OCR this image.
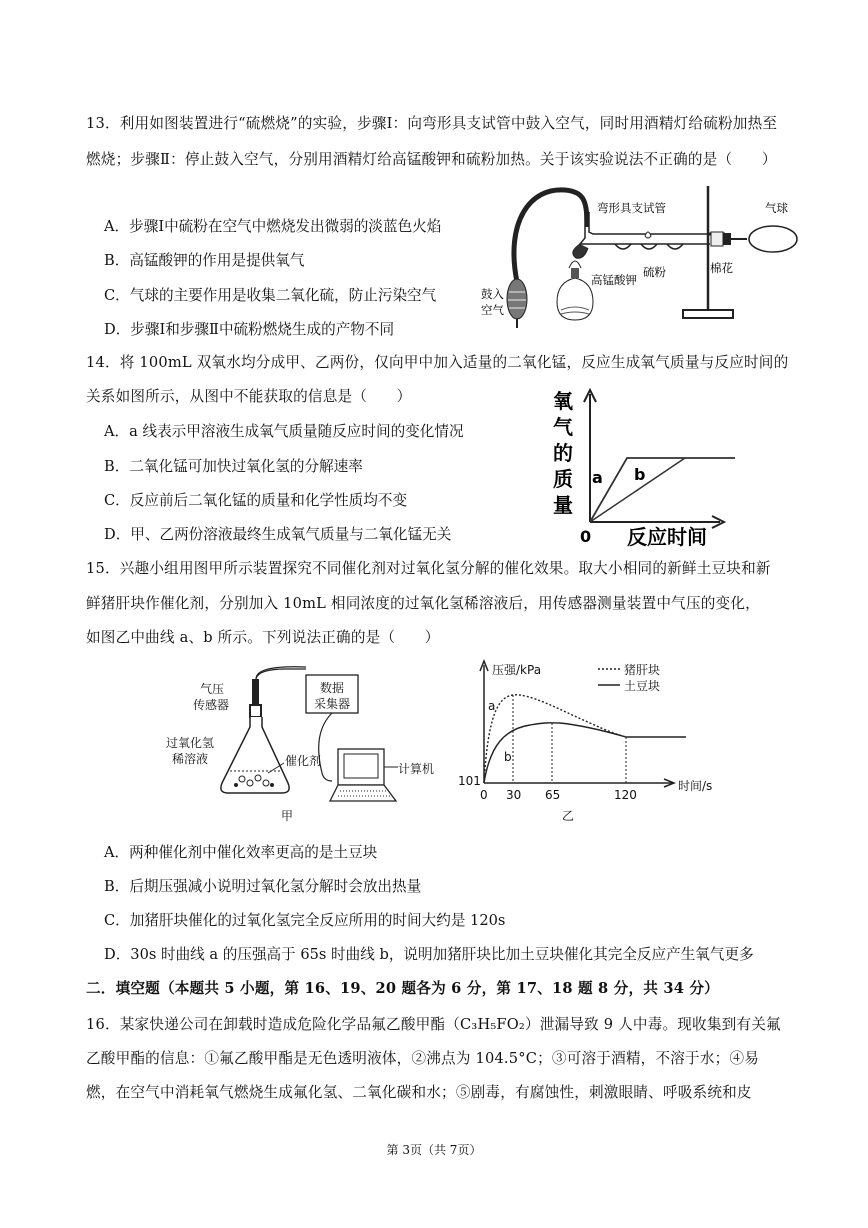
13．利用如图装置进行“硫燃烧”的实验，步骤Ⅰ：向弯形具支试管中鼓入空气，同时用酒精灯给硫粉加热至
燃烧；步骤Ⅱ：停止鼓入空气，分别用酒精灯给高锰酸钾和硫粉加热。关于该实验说法不正确的是（　　）
A．步骤Ⅰ中硫粉在空气中燃烧发出微弱的淡蓝色火焰
B．高锰酸钾的作用是提供氧气
C．气球的主要作用是收集二氧化硫，防止污染空气
D．步骤Ⅰ和步骤Ⅱ中硫粉燃烧生成的产物不同
弯形具支试管	气球
高锰酸钾
硫粉	棉花
鼓入
空气
14．将 100mL 双氧水均分成甲、乙两份，仅向甲中加入适量的二氧化锰，反应生成氧气质量与反应时间的
关系如图所示，从图中不能获取的信息是（　　）
A．a 线表示甲溶液生成氧气质量随反应时间的变化情况
B．二氧化锰可加快过氧化氢的分解速率
C．反应前后二氧化锰的质量和化学性质均不变
D．甲、乙两份溶液最终生成氧气质量与二氧化锰无关
氧
气
的
质
量
a b
0 反应时间
15．兴趣小组用图甲所示装置探究不同催化剂对过氧化氢分解的催化效果。取大小相同的新鲜土豆块和新
鲜猪肝块作催化剂，分别加入 10mL 相同浓度的过氧化氢稀溶液后，用传感器测量装置中气压的变化，
如图乙中曲线 a、b 所示。下列说法正确的是（　　）
气压
传感器
数据
采集器
过氧化氢
稀溶液	催化剂
计算机
甲
压强/kPa	猪肝块
土豆块
a
b
101
0 30 65	120
时间/s
乙
A．两种催化剂中催化效率更高的是土豆块
B．后期压强减小说明过氧化氢分解时会放出热量
C．加猪肝块催化的过氧化氢完全反应所用的时间大约是 120s
D．30s 时曲线 a 的压强高于 65s 时曲线 b，说明加猪肝块比加土豆块催化其完全反应产生氧气更多
二．填空题（本题共 5 小题，第 16、19、20 题各为 6 分，第 17、18 题 8 分，共 34 分）
16．某家快递公司在卸载时造成危险化学品氟乙酸甲酯（C₃H₅FO₂）泄漏导致 9 人中毒。现收集到有关氟
乙酸甲酯的信息：①氟乙酸甲酯是无色透明液体，②沸点为 104.5°C；③可溶于酒精，不溶于水；④易
燃，在空气中消耗氧气燃烧生成氟化氢、二氧化碳和水；⑤剧毒，有腐蚀性，刺激眼睛、呼吸系统和皮
第 3页（共 7页）
